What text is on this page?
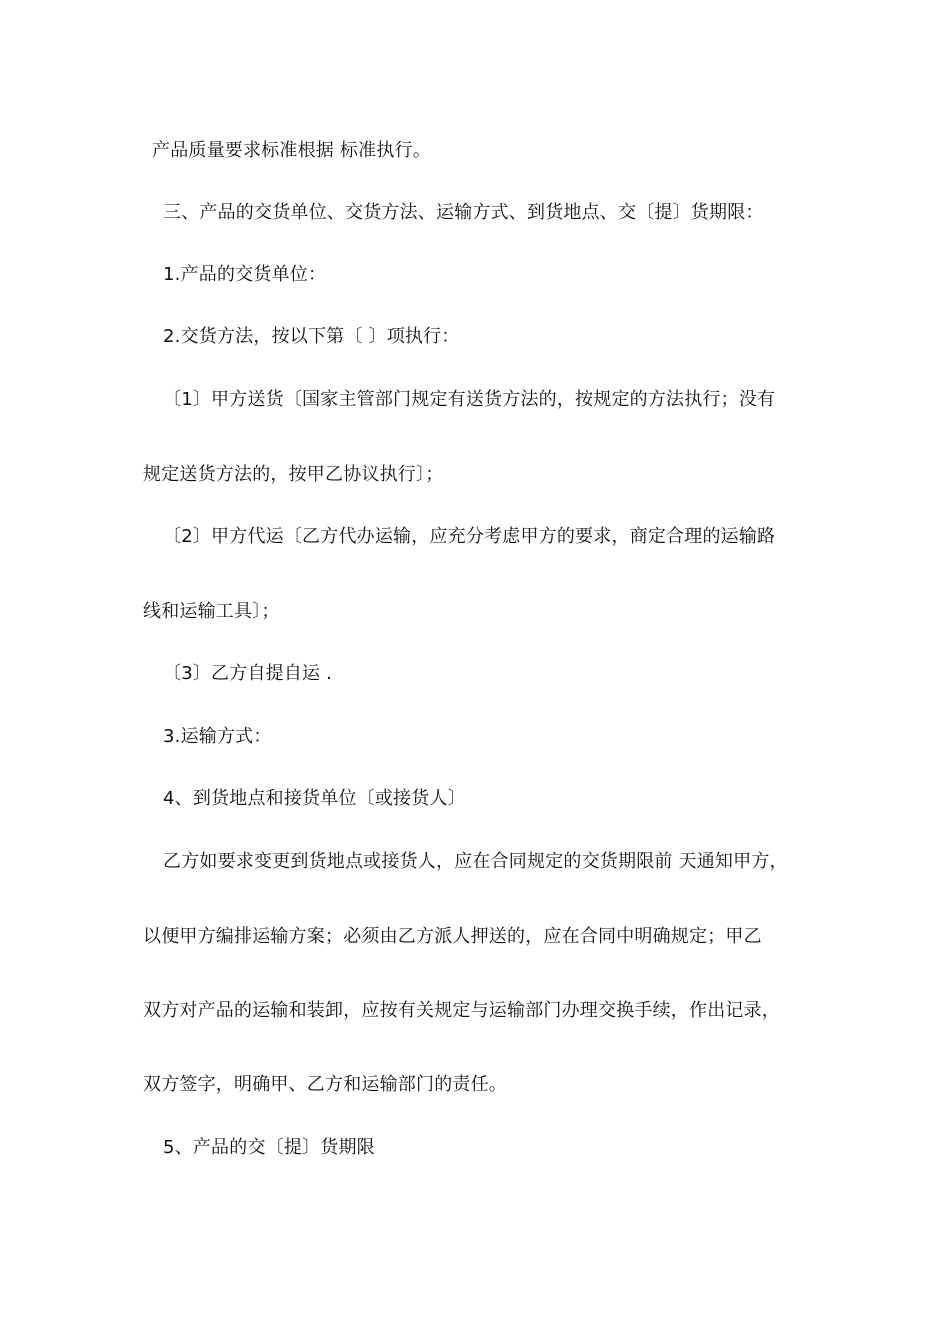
产品质量要求标准根据 标准执行。
三、产品的交货单位、交货方法、运输方式、到货地点、交〔提〕货期限：
1.产品的交货单位：
2.交货方法，按以下第〔 〕项执行：
〔1〕甲方送货〔国家主管部门规定有送货方法的，按规定的方法执行；没有
规定送货方法的，按甲乙协议执行〕；
〔2〕甲方代运〔乙方代办运输，应充分考虑甲方的要求，商定合理的运输路
线和运输工具〕；
〔3〕乙方自提自运 .
3.运输方式：
4、到货地点和接货单位〔或接货人〕
乙方如要求变更到货地点或接货人，应在合同规定的交货期限前 天通知甲方，
以便甲方编排运输方案；必须由乙方派人押送的，应在合同中明确规定；甲乙
双方对产品的运输和装卸，应按有关规定与运输部门办理交换手续，作出记录，
双方签字，明确甲、乙方和运输部门的责任。
5、产品的交〔提〕货期限
